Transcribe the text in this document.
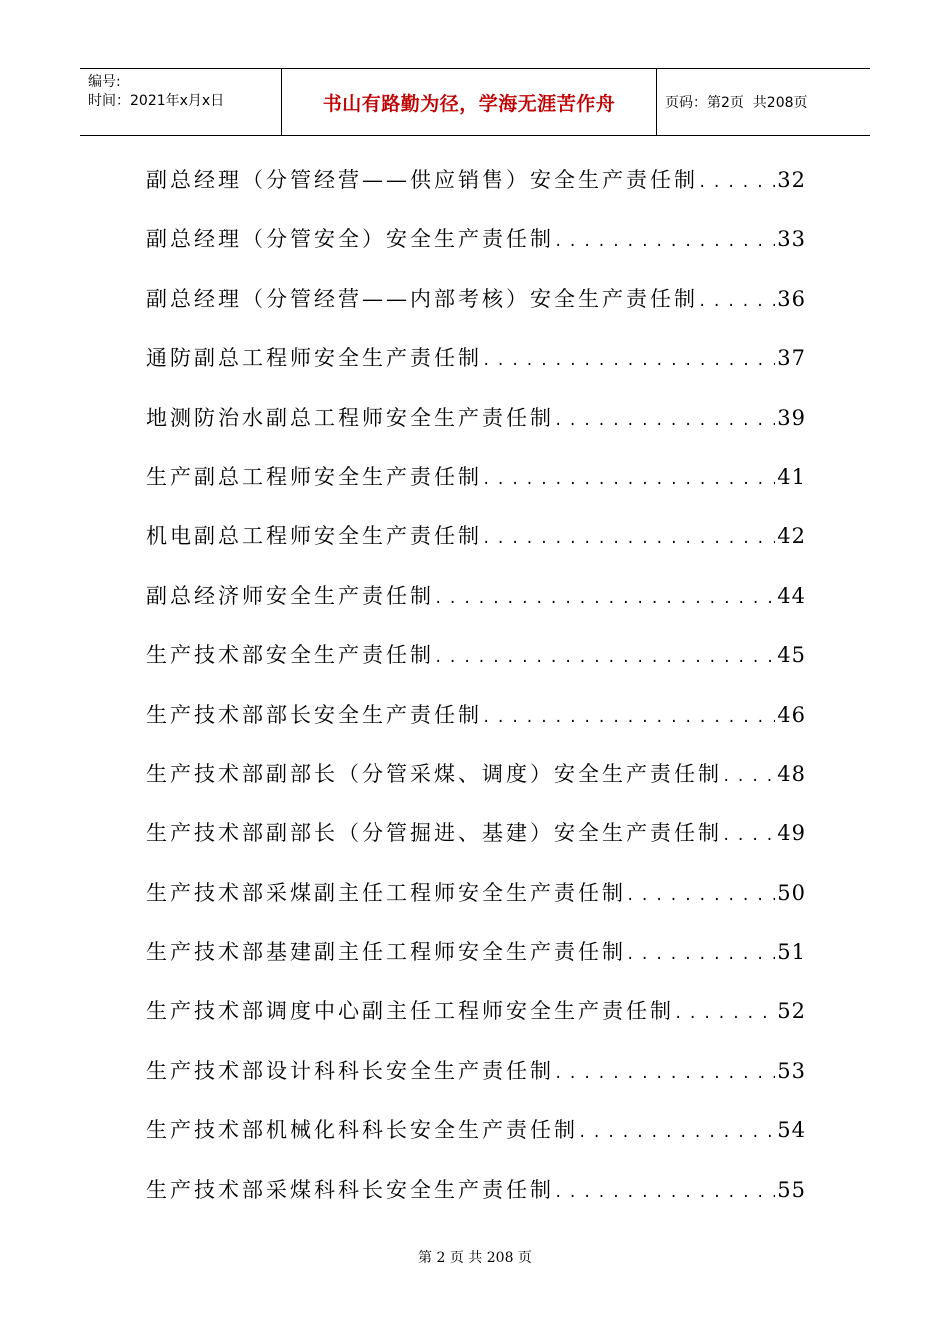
编号:
时间：2021年x月x日	书山有路勤为径，学海无涯苦作舟	页码：第2页  共208页
副总经理（分管经营——供应销售）安全生产责任制 .....	32
副总经理（分管安全）安全生产责任制 .....	33
副总经理（分管经营——内部考核）安全生产责任制 .....	36
通防副总工程师安全生产责任制 .....	37
地测防治水副总工程师安全生产责任制 .....	39
生产副总工程师安全生产责任制 .....	41
机电副总工程师安全生产责任制 .....	42
副总经济师安全生产责任制 .....	44
生产技术部安全生产责任制 .....	45
生产技术部部长安全生产责任制 .....	46
生产技术部副部长（分管采煤、调度）安全生产责任制 .....	48
生产技术部副部长（分管掘进、基建）安全生产责任制 .....	49
生产技术部采煤副主任工程师安全生产责任制 .....	50
生产技术部基建副主任工程师安全生产责任制 .....	51
生产技术部调度中心副主任工程师安全生产责任制 .....	52
生产技术部设计科科长安全生产责任制 .....	53
生产技术部机械化科科长安全生产责任制 .....	54
生产技术部采煤科科长安全生产责任制 .....	55
第 2 页 共 208 页
